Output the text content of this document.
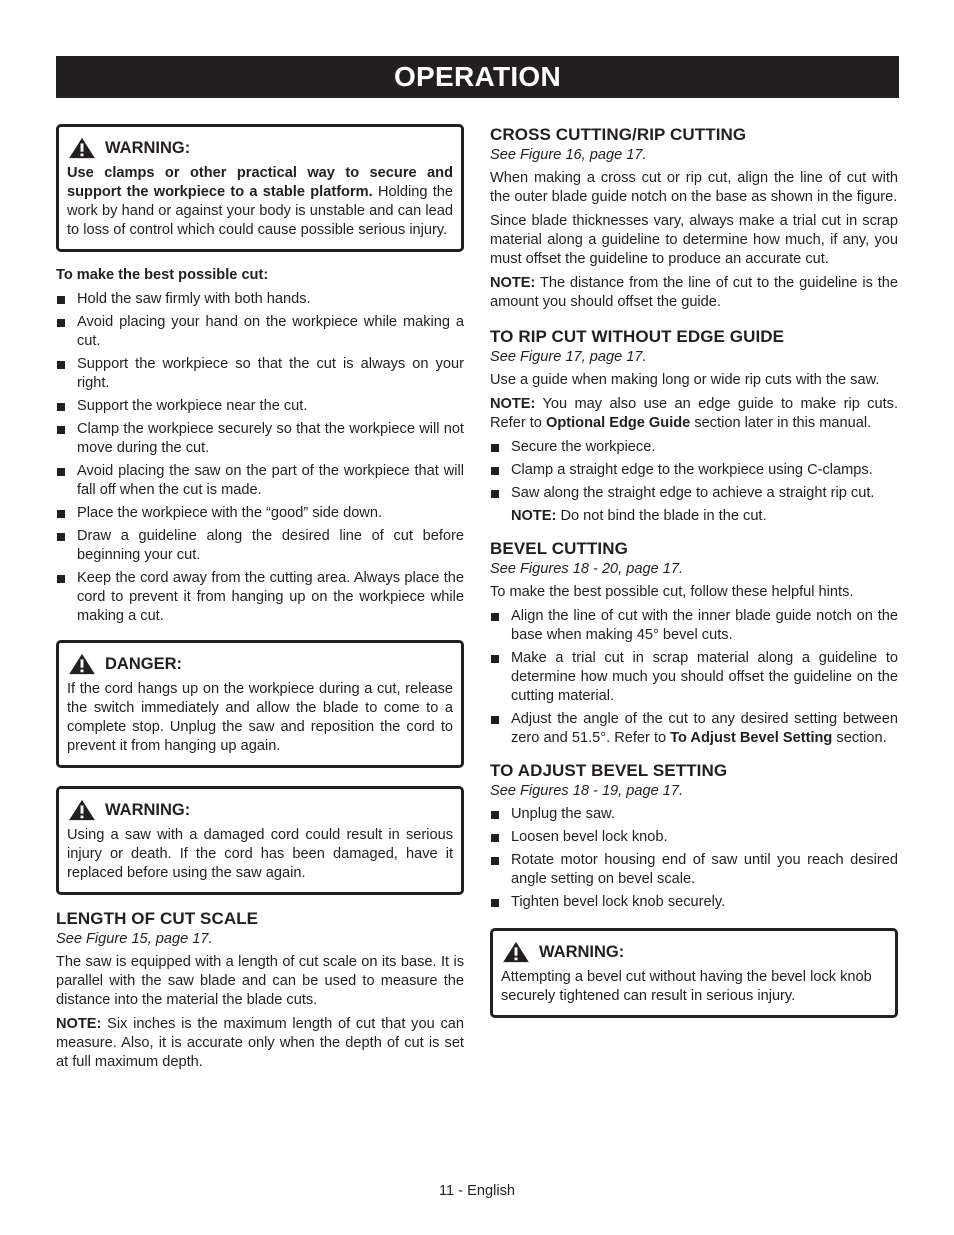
OPERATION
WARNING:
Use clamps or other practical way to secure and support the workpiece to a stable platform. Holding the work by hand or against your body is unstable and can lead to loss of control which could cause possible serious injury.
To make the best possible cut:
Hold the saw firmly with both hands.
Avoid placing your hand on the workpiece while making a cut.
Support the workpiece so that the cut is always on your right.
Support the workpiece near the cut.
Clamp the workpiece securely so that the workpiece will not move during the cut.
Avoid placing the saw on the part of the workpiece that will fall off when the cut is made.
Place the workpiece with the “good” side down.
Draw a guideline along the desired line of cut before beginning your cut.
Keep the cord away from the cutting area. Always place the cord to prevent it from hanging up on the workpiece while making a cut.
DANGER:
If the cord hangs up on the workpiece during a cut, release the switch immediately and allow the blade to come to a complete stop. Unplug the saw and reposition the cord to prevent it from hanging up again.
WARNING:
Using a saw with a damaged cord could result in serious injury or death. If the cord has been damaged, have it replaced before using the saw again.
LENGTH OF CUT SCALE
See Figure 15, page 17.

The saw is equipped with a length of cut scale on its base. It is parallel with the saw blade and can be used to measure the distance into the material the blade cuts.

NOTE: Six inches is the maximum length of cut that you can measure. Also, it is accurate only when the depth of cut is set at full maximum depth.

CROSS CUTTING/RIP CUTTING
See Figure 16, page 17.

When making a cross cut or rip cut, align the line of cut with the outer blade guide notch on the base as shown in the figure.

Since blade thicknesses vary, always make a trial cut in scrap material along a guideline to determine how much, if any, you must offset the guideline to produce an accurate cut.

NOTE: The distance from the line of cut to the guideline is the amount you should offset the guide.

TO RIP CUT WITHOUT EDGE GUIDE
See Figure 17, page 17.

Use a guide when making long or wide rip cuts with the saw.

NOTE: You may also use an edge guide to make rip cuts. Refer to Optional Edge Guide section later in this manual.

Secure the workpiece.
Clamp a straight edge to the workpiece using C-clamps.
Saw along the straight edge to achieve a straight rip cut.
NOTE: Do not bind the blade in the cut.
BEVEL CUTTING
See Figures 18 - 20, page 17.

To make the best possible cut, follow these helpful hints.

Align the line of cut with the inner blade guide notch on the base when making 45° bevel cuts.
Make a trial cut in scrap material along a guideline to determine how much you should offset the guideline on the cutting material.
Adjust the angle of the cut to any desired setting between zero and 51.5°. Refer to To Adjust Bevel Setting section.
TO ADJUST BEVEL SETTING
See Figures 18 - 19, page 17.
Unplug the saw.
Loosen bevel lock knob.
Rotate motor housing end of saw until you reach desired angle setting on bevel scale.
Tighten bevel lock knob securely.
WARNING:
Attempting a bevel cut without having the bevel lock knob securely tightened can result in serious injury.
11 - English
